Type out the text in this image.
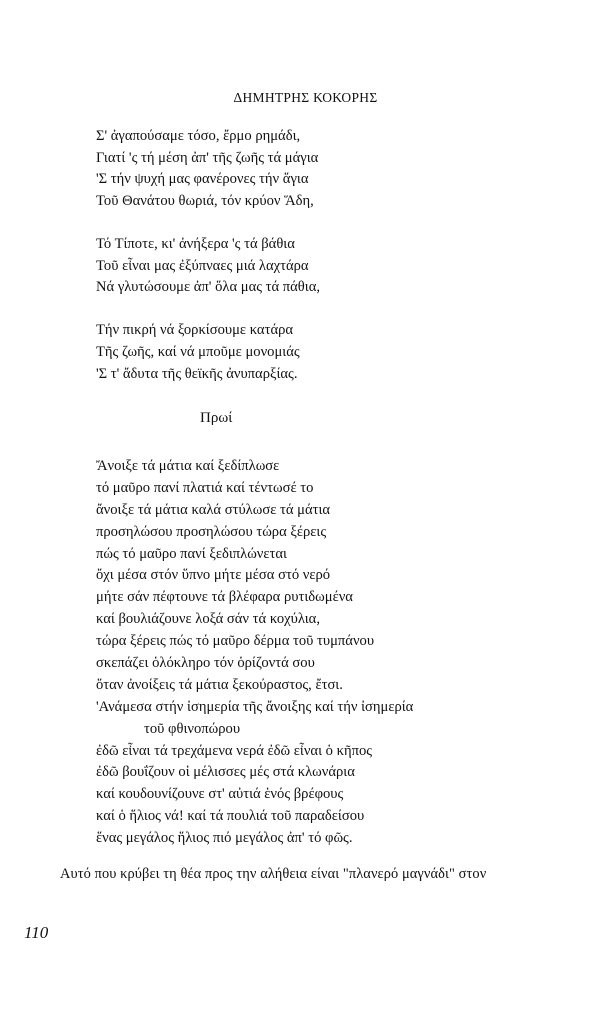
ΔΗΜΗΤΡΗΣ ΚΟΚΟΡΗΣ
Σ' ἀγαπούσαμε τόσο, ἔρμο ρημάδι,
Γιατί 'ς τή μέση ἀπ' τῆς ζωῆς τά μάγια
'Σ τήν ψυχή μας φανέρονες τήν ἅγια
Τοῦ Θανάτου θωριά, τόν κρύον Ἅδη,
Τό Τίποτε, κι' ἀνήξερα 'ς τά βάθια
Τοῦ εἶναι μας ἐξύπναες μιά λαχτάρα
Νά γλυτώσουμε ἀπ' ὅλα μας τά πάθια,
Τήν πικρή νά ξορκίσουμε κατάρα
Τῆς ζωῆς, καί νά μποῦμε μονομιάς
'Σ τ' ἄδυτα τῆς θεϊκῆς ἀνυπαρξίας.
Πρωί
Ἄνοιξε τά μάτια καί ξεδίπλωσε
τό μαῦρο πανί πλατιά καί τέντωσέ το
ἄνοιξε τά μάτια καλά στύλωσε τά μάτια
προσηλώσου προσηλώσου τώρα ξέρεις
πώς τό μαῦρο πανί ξεδιπλώνεται
ὄχι μέσα στόν ὕπνο μήτε μέσα στό νερό
μήτε σάν πέφτουνε τά βλέφαρα ρυτιδωμένα
καί βουλιάζουνε λοξά σάν τά κοχύλια,
τώρα ξέρεις πώς τό μαῦρο δέρμα τοῦ τυμπάνου
σκεπάζει ὁλόκληρο τόν ὁρίζοντά σου
ὅταν ἀνοίξεις τά μάτια ξεκούραστος, ἔτσι.
'Ανάμεσα στήν ἰσημερία τῆς ἄνοιξης καί τήν ἰσημερία
τοῦ φθινοπώρου
ἐδῶ εἶναι τά τρεχάμενα νερά ἐδῶ εἶναι ὁ κῆπος
ἐδῶ βουΐζουν οἱ μέλισσες μές στά κλωνάρια
καί κουδουνίζουνε στ' αὐτιά ἑνός βρέφους
καί ὁ ἥλιος νά! καί τά πουλιά τοῦ παραδείσου
ἕνας μεγάλος ἥλιος πιό μεγάλος ἀπ' τό φῶς.
Αυτό που κρύβει τη θέα προς την αλήθεια είναι "πλανερό μαγνάδι" στον
110
